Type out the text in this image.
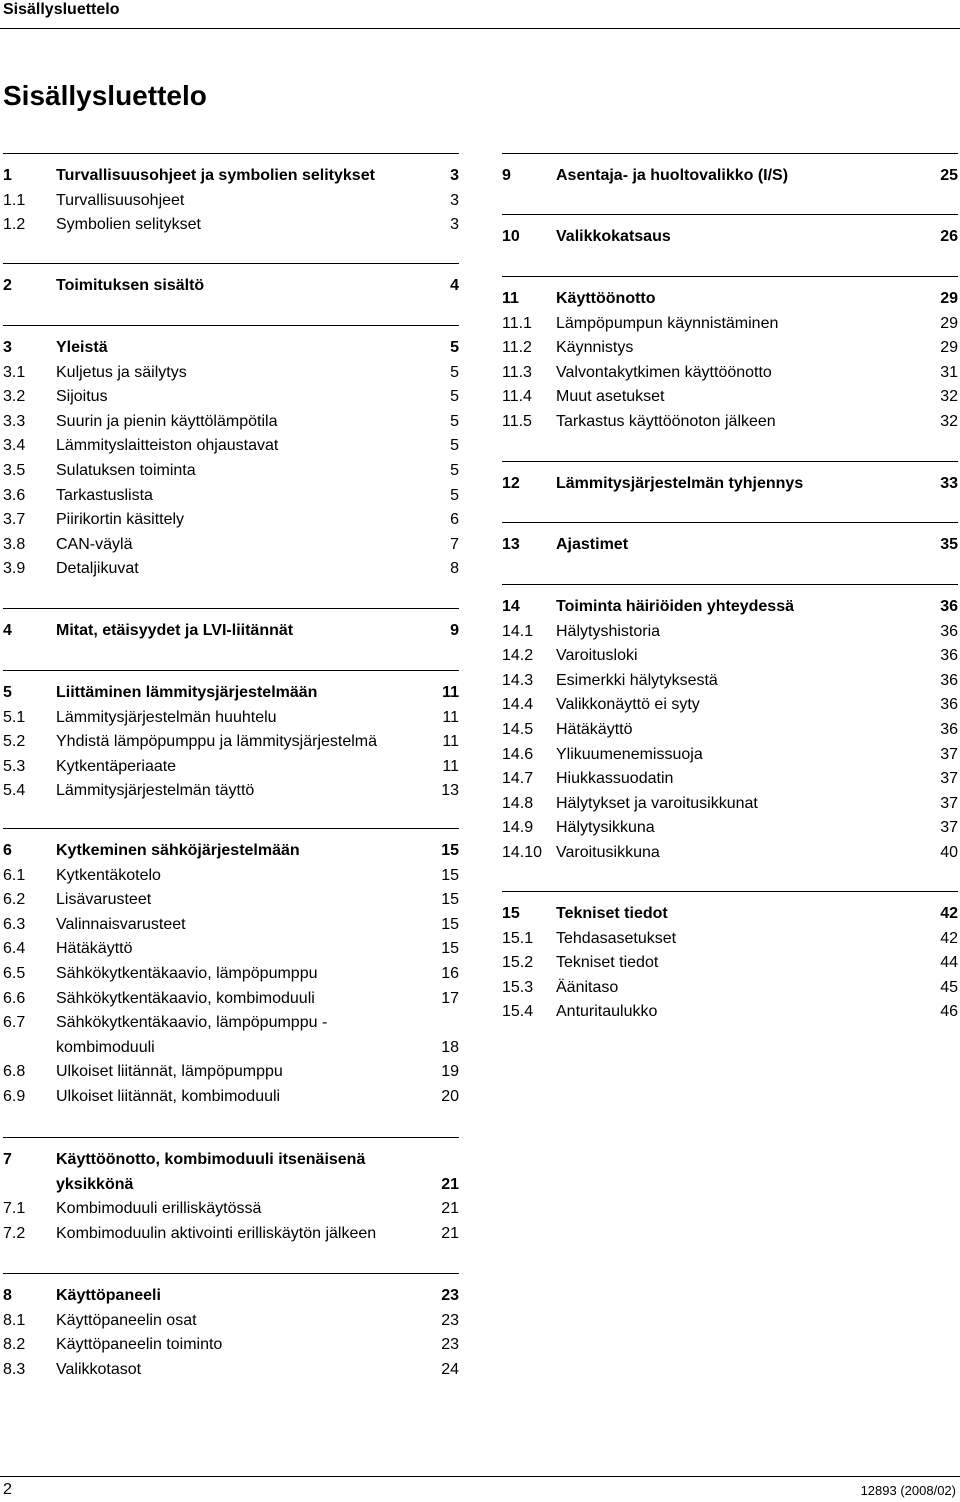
Sisällysluettelo
Sisällysluettelo
1	Turvallisuusohjeet ja symbolien selitykset	3
1.1	Turvallisuusohjeet	3
1.2	Symbolien selitykset	3
2	Toimituksen sisältö	4
3	Yleistä	5
3.1	Kuljetus ja säilytys	5
3.2	Sijoitus	5
3.3	Suurin ja pienin käyttölämpötila	5
3.4	Lämmityslaitteiston ohjaustavat	5
3.5	Sulatuksen toiminta	5
3.6	Tarkastuslista	5
3.7	Piirikortin käsittely	6
3.8	CAN-väylä	7
3.9	Detaljikuvat	8
4	Mitat, etäisyydet ja LVI-liitännät	9
5	Liittäminen lämmitysjärjestelmään	11
5.1	Lämmitysjärjestelmän huuhtelu	11
5.2	Yhdistä lämpöpumppu ja lämmitysjärjestelmä	11
5.3	Kytkentäperiaate	11
5.4	Lämmitysjärjestelmän täyttö	13
6	Kytkeminen sähköjärjestelmään	15
6.1	Kytkentäkotelo	15
6.2	Lisävarusteet	15
6.3	Valinnaisvarusteet	15
6.4	Hätäkäyttö	15
6.5	Sähkökytkentäkaavio, lämpöpumppu	16
6.6	Sähkökytkentäkaavio, kombimoduuli	17
6.7	Sähkökytkentäkaavio, lämpöpumppu - kombimoduuli	18
6.8	Ulkoiset liitännät, lämpöpumppu	19
6.9	Ulkoiset liitännät, kombimoduuli	20
7	Käyttöönotto, kombimoduuli itsenäisenä yksikkönä	21
7.1	Kombimoduuli erilliskäytössä	21
7.2	Kombimoduulin aktivointi erilliskäytön jälkeen	21
8	Käyttöpaneeli	23
8.1	Käyttöpaneelin osat	23
8.2	Käyttöpaneelin toiminto	23
8.3	Valikkotasot	24
9	Asentaja- ja huoltovalikko (I/S)	25
10	Valikkokatsaus	26
11	Käyttöönotto	29
11.1	Lämpöpumpun käynnistäminen	29
11.2	Käynnistys	29
11.3	Valvontakytkimen käyttöönotto	31
11.4	Muut asetukset	32
11.5	Tarkastus käyttöönoton jälkeen	32
12	Lämmitysjärjestelmän tyhjennys	33
13	Ajastimet	35
14	Toiminta häiriöiden yhteydessä	36
14.1	Hälytyshistoria	36
14.2	Varoitusloki	36
14.3	Esimerkki hälytyksestä	36
14.4	Valikkonäyttö ei syty	36
14.5	Hätäkäyttö	36
14.6	Ylikuumenemissuoja	37
14.7	Hiukkassuodatin	37
14.8	Hälytykset ja varoitusikkunat	37
14.9	Hälytysikkuna	37
14.10 Varoitusikkuna	40
15	Tekniset tiedot	42
15.1	Tehdasasetukset	42
15.2	Tekniset tiedot	44
15.3	Äänitaso	45
15.4	Anturitaulukko	46
2	12893 (2008/02)
